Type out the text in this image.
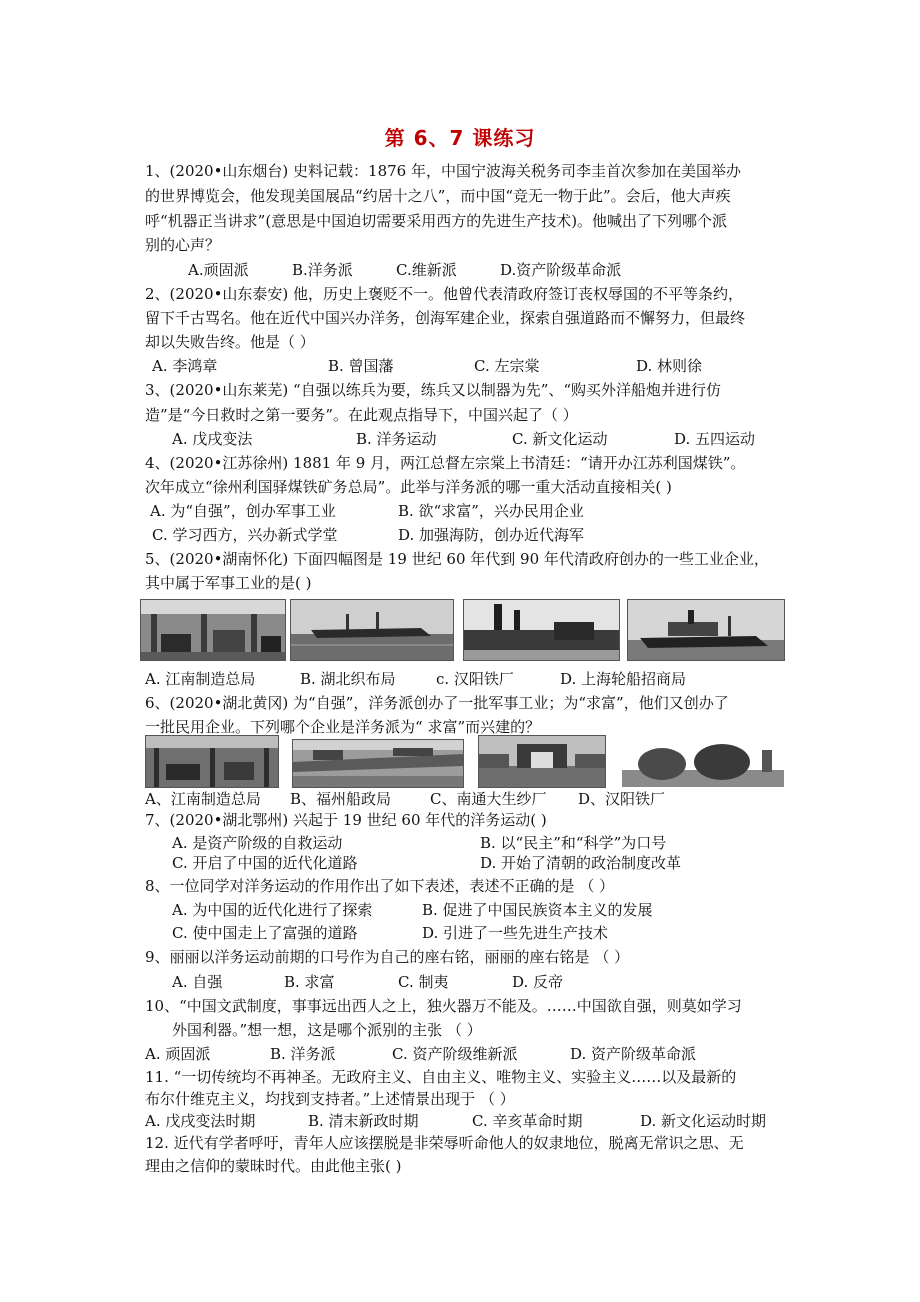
第 6、7 课练习
1、(2020•山东烟台) 史料记载：1876 年，中国宁波海关税务司李圭首次参加在美国举办
的世界博览会，他发现美国展品“约居十之八”，而中国“竞无一物于此”。会后，他大声疾
呼“机器正当讲求”(意思是中国迫切需要采用西方的先进生产技术)。他喊出了下列哪个派
别的心声？
A.顽固派	B.洋务派	C.维新派	D.资产阶级革命派
2、(2020•山东泰安) 他，历史上褒贬不一。他曾代表清政府签订丧权辱国的不平等条约，
留下千古骂名。他在近代中国兴办洋务，创海军建企业，探索自强道路而不懈努力，但最终
却以失败告终。他是（ ）
A. 李鸿章	B. 曾国藩	C. 左宗棠	D. 林则徐
3、(2020•山东莱芜) “自强以练兵为要，练兵又以制器为先”、“购买外洋船炮并进行仿
造”是“今日救时之第一要务”。在此观点指导下，中国兴起了（ ）
A. 戊戌变法	B. 洋务运动	C. 新文化运动	D. 五四运动
4、(2020•江苏徐州) 1881 年 9 月，两江总督左宗棠上书清廷：“请开办江苏利国煤铁”。
次年成立“徐州利国驿煤铁矿务总局”。此举与洋务派的哪一重大活动直接相关( )
A. 为“自强”，创办军事工业	B. 欲“求富”，兴办民用企业
C. 学习西方，兴办新式学堂	D. 加强海防，创办近代海军
5、(2020•湖南怀化) 下面四幅图是 19 世纪 60 年代到 90 年代清政府创办的一些工业企业，
其中属于军事工业的是( )
A. 江南制造总局	B. 湖北织布局	c. 汉阳铁厂	D. 上海轮船招商局
6、(2020•湖北黄冈) 为“自强”，洋务派创办了一批军事工业；为“求富”，他们又创办了
一批民用企业。下列哪个企业是洋务派为“ 求富”而兴建的？
A、江南制造总局 B、福州船政局	C、南通大生纱厂 D、汉阳铁厂
7、(2020•湖北鄂州) 兴起于 19 世纪 60 年代的洋务运动( )
A. 是资产阶级的自救运动	B. 以“民主”和“科学”为口号
C. 开启了中国的近代化道路	D. 开始了清朝的政治制度改革
8、一位同学对洋务运动的作用作出了如下表述，表述不正确的是 （ ）
A. 为中国的近代化进行了探索	B. 促进了中国民族资本主义的发展
C. 使中国走上了富强的道路	D. 引进了一些先进生产技术
9、丽丽以洋务运动前期的口号作为自己的座右铭，丽丽的座右铭是 （ ）
A. 自强	B. 求富	C. 制夷	D. 反帝
10、“中国文武制度，事事远出西人之上，独火器万不能及。……中国欲自强，则莫如学习
外国利器。”想一想，这是哪个派别的主张 （ ）
A. 顽固派	B. 洋务派	C. 资产阶级维新派	D. 资产阶级革命派
11. “一切传统均不再神圣。无政府主义、自由主义、唯物主义、实验主义……以及最新的
布尔什维克主义，均找到支持者。”上述情景出现于 （ ）
A. 戊戌变法时期	B. 清末新政时期	C. 辛亥革命时期	D. 新文化运动时期
12. 近代有学者呼吁，青年人应该摆脱是非荣辱听命他人的奴隶地位，脱离无常识之思、无
理由之信仰的蒙昧时代。由此他主张( )
